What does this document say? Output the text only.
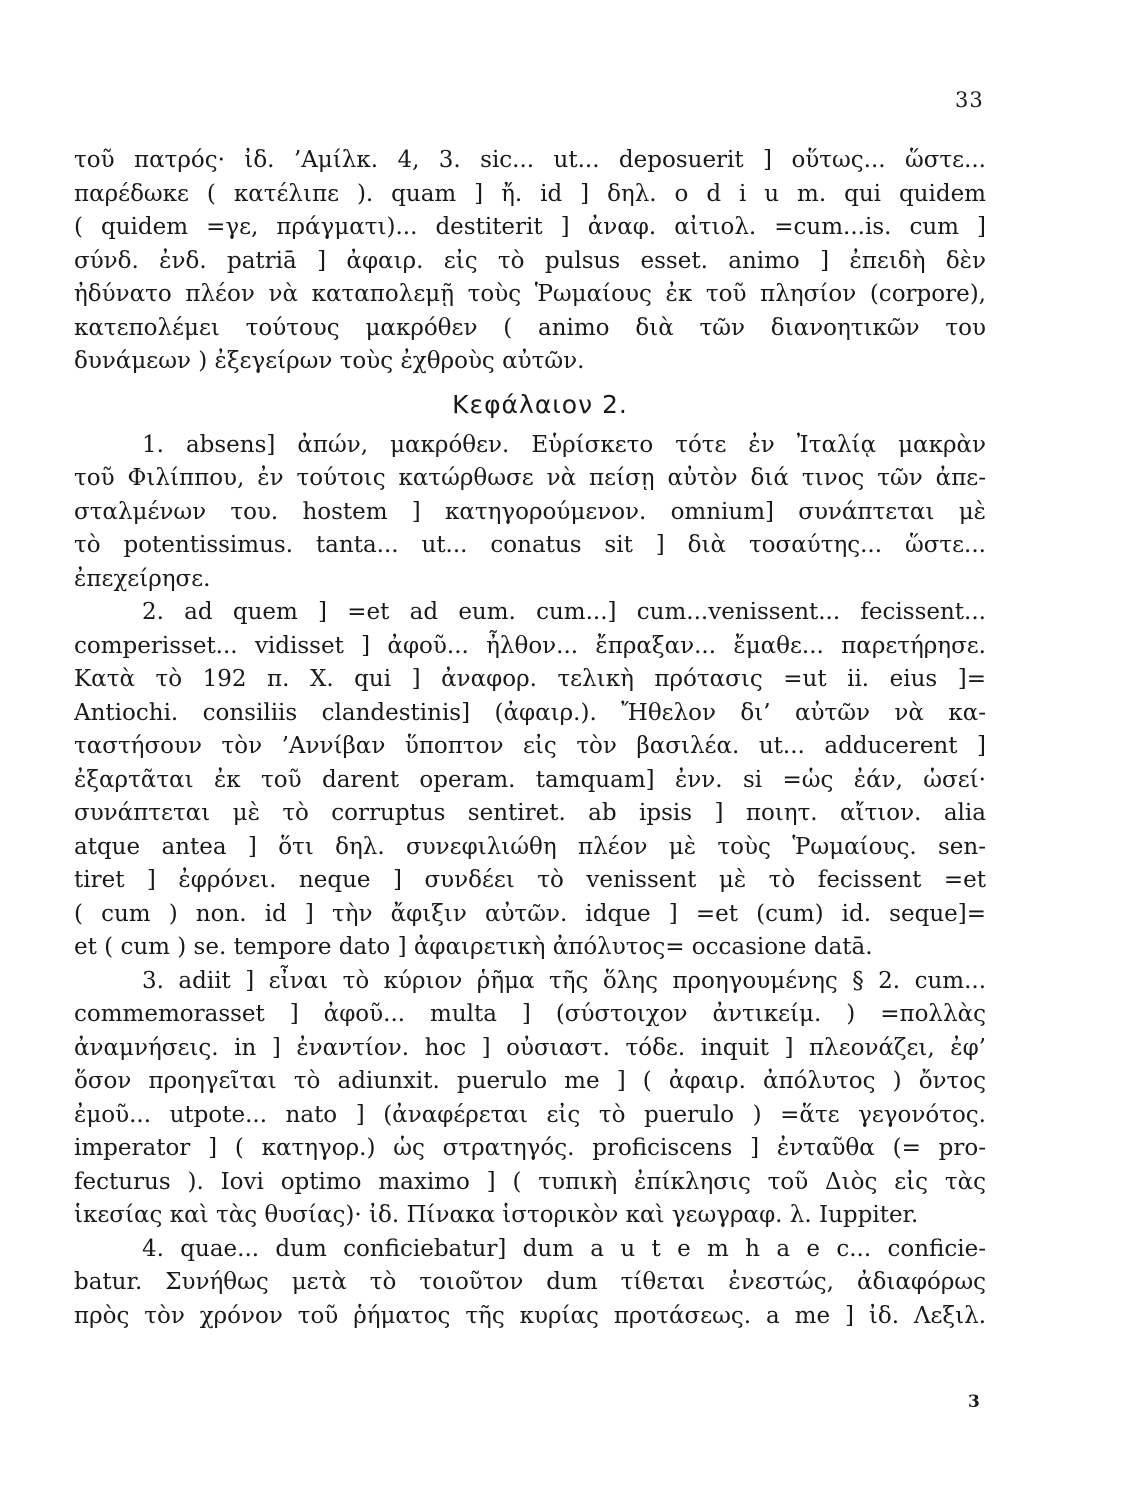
33
τοῦ πατρός· ἰδ. ’Αμίλκ. 4, 3. sic... ut... deposuerit ] οὕτως... ὥστε...
παρέδωκε ( κατέλιπε ). quam ] ἤ. id ] δηλ. o d i u m. qui quidem
( quidem =γε, πράγματι)... destiterit ] ἀναφ. αἰτιολ. =cum...is. cum ]
σύνδ. ἐνδ. patriā ] ἀφαιρ. εἰς τὸ pulsus esset. animo ] ἐπειδὴ δὲν
ἠδύνατο πλέον νὰ καταπολεμῇ τοὺς Ῥωμαίους ἐκ τοῦ πλησίον (corpore),
κατεπολέμει τούτους μακρόθεν ( animo διὰ τῶν διανοητικῶν του
δυνάμεων ) ἐξεγείρων τοὺς ἐχθροὺς αὐτῶν.
Κεφάλαιον 2.
1. absens] ἀπών, μακρόθεν. Εὑρίσκετο τότε ἐν Ἰταλίᾳ μακρὰν
τοῦ Φιλίππου, ἐν τούτοις κατώρθωσε νὰ πείσῃ αὐτὸν διά τινος τῶν ἀπε-
σταλμένων του. hostem ] κατηγορούμενον. omnium] συνάπτεται μὲ
τὸ potentissimus. tanta... ut... conatus sit ] διὰ τοσαύτης... ὥστε...
ἐπεχείρησε.
2. ad quem ] =et ad eum. cum...] cum...venissent... fecissent...
comperisset... vidisset ] ἀφοῦ... ἦλθον... ἔπραξαν... ἔμαθε... παρετήρησε.
Κατὰ τὸ 192 π. Χ. qui ] ἀναφορ. τελικὴ πρότασις =ut ii. eius ]=
Antiochi. consiliis clandestinis] (ἀφαιρ.). Ἤθελον δι’ αὐτῶν νὰ κα-
ταστήσουν τὸν ’Αννίβαν ὕποπτον εἰς τὸν βασιλέα. ut... adducerent ]
ἐξαρτᾶται ἐκ τοῦ darent operam. tamquam] ἐνν. si =ὡς ἐάν, ὡσεί·
συνάπτεται μὲ τὸ corruptus sentiret. ab ipsis ] ποιητ. αἴτιον. alia
atque antea ] ὅτι δηλ. συνεφιλιώθη πλέον μὲ τοὺς Ῥωμαίους. sen-
tiret ] ἐφρόνει. neque ] συνδέει τὸ venissent μὲ τὸ fecissent =et
( cum ) non. id ] τὴν ἄφιξιν αὐτῶν. idque ] =et (cum) id. seque]=
et ( cum ) se. tempore dato ] ἀφαιρετικὴ ἀπόλυτος= occasione datā.
3. adiit ] εἶναι τὸ κύριον ῥῆμα τῆς ὅλης προηγουμένης § 2. cum...
commemorasset ] ἀφοῦ... multa ] (σύστοιχον ἀντικείμ. ) =πολλὰς
ἀναμνήσεις. in ] ἐναντίον. hoc ] οὐσιαστ. τόδε. inquit ] πλεονάζει, ἐφ’
ὅσον προηγεῖται τὸ adiunxit. puerulo me ] ( ἀφαιρ. ἀπόλυτος ) ὄντος
ἐμοῦ... utpote... nato ] (ἀναφέρεται εἰς τὸ puerulo ) =ἅτε γεγονότος.
imperator ] ( κατηγορ.) ὡς στρατηγός. proficiscens ] ἐνταῦθα (= pro-
fecturus ). Iovi optimo maximo ] ( τυπικὴ ἐπίκλησις τοῦ Διὸς εἰς τὰς
ἱκεσίας καὶ τὰς θυσίας)· ἰδ. Πίνακα ἱστορικὸν καὶ γεωγραφ. λ. Iuppiter.
4. quae... dum conficiebatur] dum a u t e m h a e c... conficie-
batur. Συνήθως μετὰ τὸ τοιοῦτον dum τίθεται ἐνεστώς, ἀδιαφόρως
πρὸς τὸν χρόνον τοῦ ῥήματος τῆς κυρίας προτάσεως. a me ] ἰδ. Λεξιλ.
3
